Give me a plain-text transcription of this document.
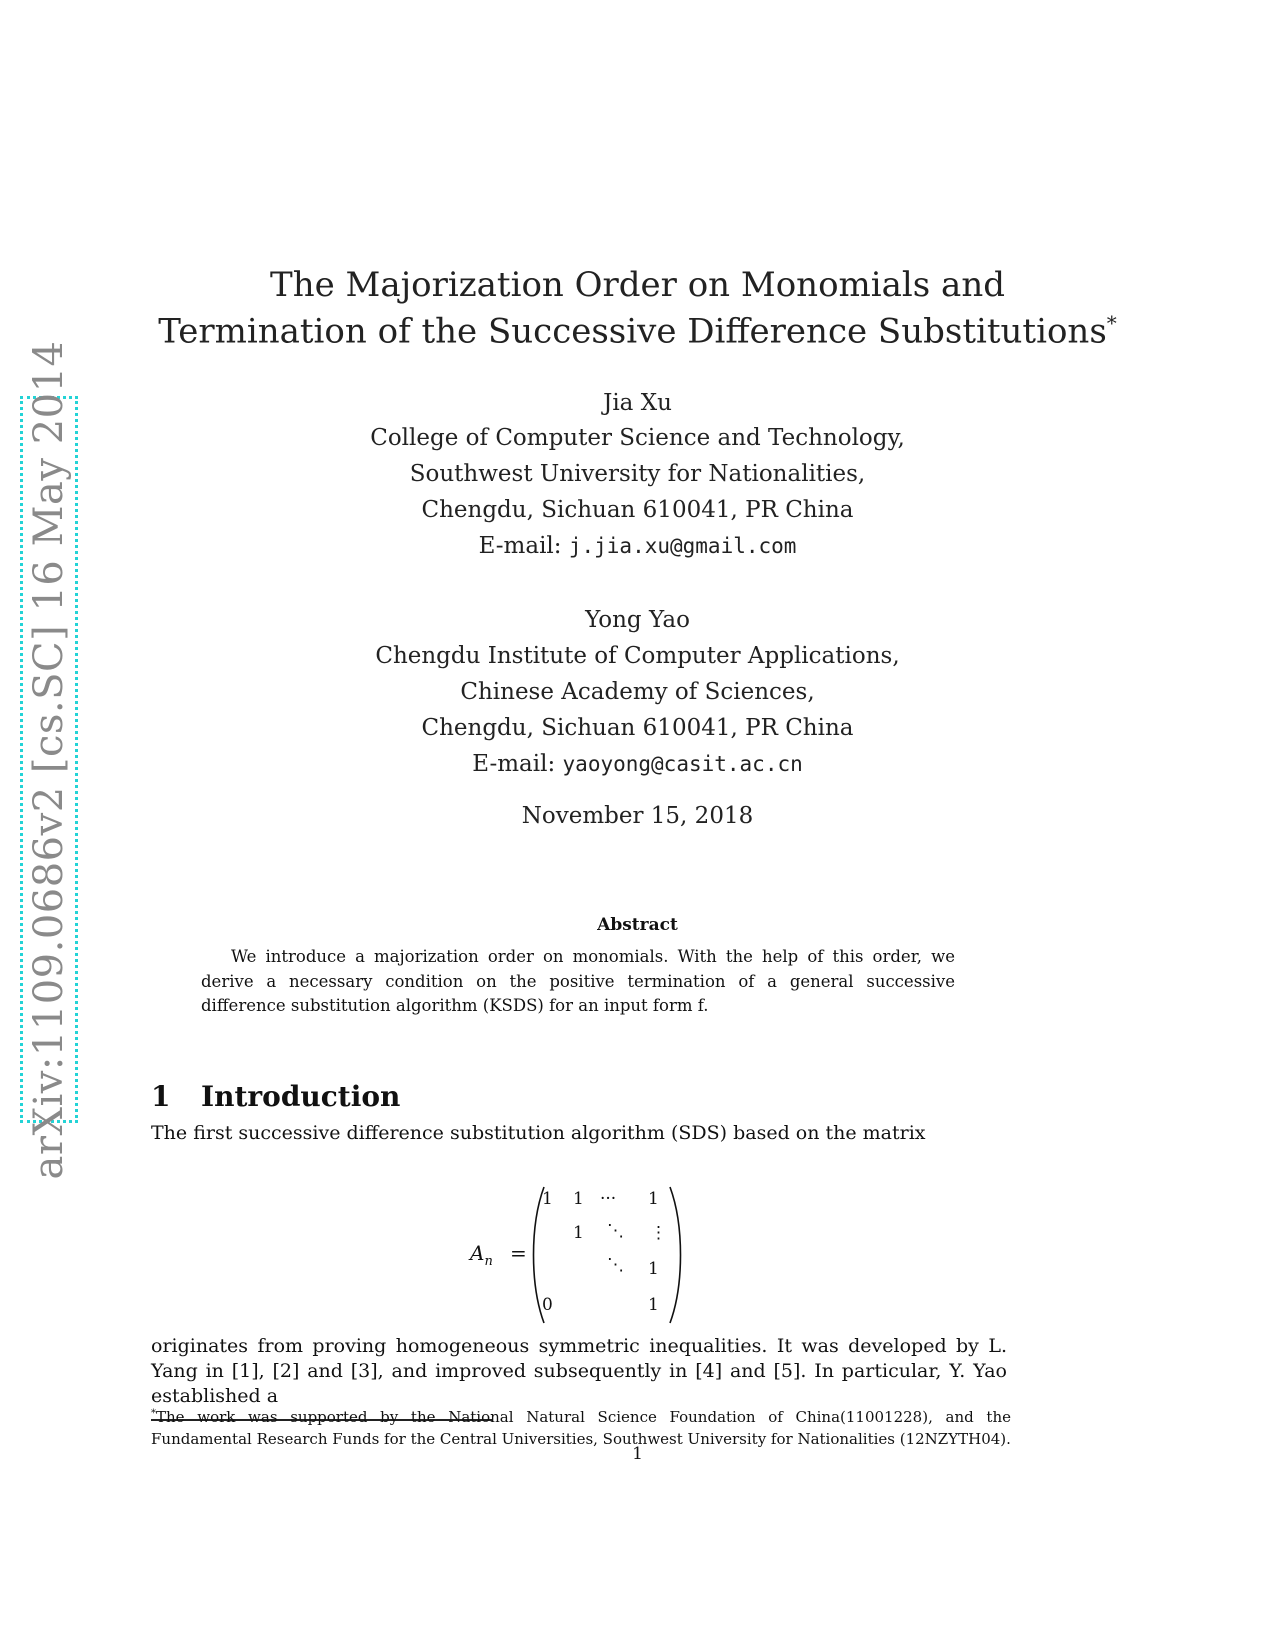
arXiv:1109.0686v2 [cs.SC] 16 May 2014
The Majorization Order on Monomials and
Termination of the Successive Difference Substitutions*
Jia Xu
College of Computer Science and Technology,
Southwest University for Nationalities,
Chengdu, Sichuan 610041, PR China
E-mail: j.jia.xu@gmail.com
Yong Yao
Chengdu Institute of Computer Applications,
Chinese Academy of Sciences,
Chengdu, Sichuan 610041, PR China
E-mail: yaoyong@casit.ac.cn
November 15, 2018
Abstract
We introduce a majorization order on monomials. With the help of this order, we derive a necessary condition on the positive termination of a general successive difference substitution algorithm (KSDS) for an input form f.
1 Introduction
The first successive difference substitution algorithm (SDS) based on the matrix
$A_n$ =
1 1 ··· 1
1 ⋱ ⋮
⋱ 1
0	1
originates from proving homogeneous symmetric inequalities. It was developed by L. Yang in [1], [2] and [3], and improved subsequently in [4] and [5]. In particular, Y. Yao established a
*The work was supported by the National Natural Science Foundation of China(11001228), and the Fundamental Research Funds for the Central Universities, Southwest University for Nationalities (12NZYTH04).
1
